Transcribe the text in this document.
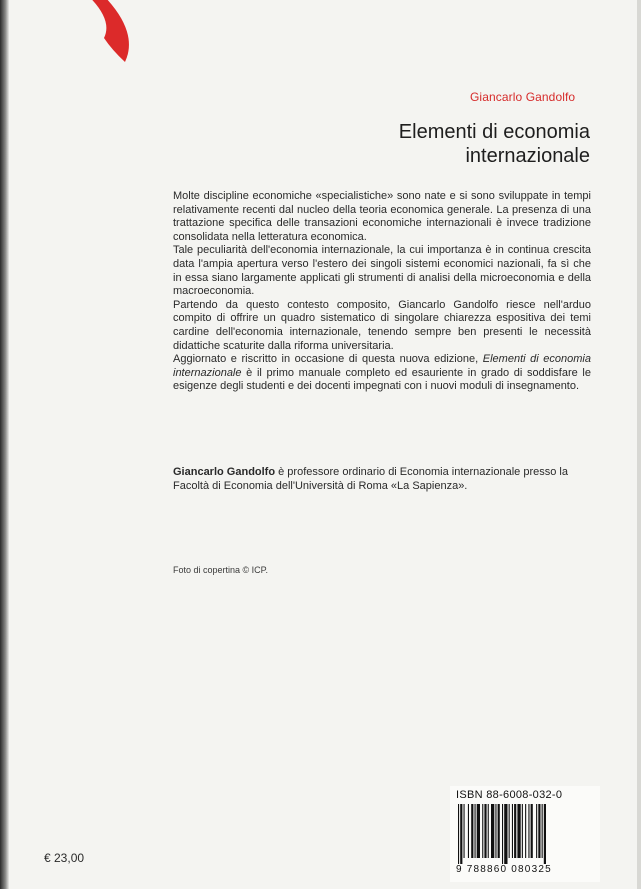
Giancarlo Gandolfo
Elementi di economia
internazionale

Molte discipline economiche «specialistiche» sono nate e si sono sviluppate in tempi relativamente recenti dal nucleo della teoria economica generale. La presenza di una trattazione specifica delle transazioni economiche internazionali è invece tradizione consolidata nella letteratura economica.

Tale peculiarità dell'economia internazionale, la cui importanza è in continua crescita data l'ampia apertura verso l'estero dei singoli sistemi economici nazionali, fa sì che in essa siano largamente applicati gli strumenti di analisi della microeconomia e della macroeconomia.

Partendo da questo contesto composito, Giancarlo Gandolfo riesce nell'arduo compito di offrire un quadro sistematico di singolare chiarezza espositiva dei temi cardine dell'economia internazionale, tenendo sempre ben presenti le necessità didattiche scaturite dalla riforma universitaria.

Aggiornato e riscritto in occasione di questa nuova edizione, Elementi di economia internazionale è il primo manuale completo ed esauriente in grado di soddisfare le esigenze degli studenti e dei docenti impegnati con i nuovi moduli di insegnamento.

Giancarlo Gandolfo è professore ordinario di Economia internazionale presso la Facoltà di Economia dell'Università di Roma «La Sapienza».
Foto di copertina © ICP.
€ 23,00
ISBN 88-6008-032-0
9 788860 080325
